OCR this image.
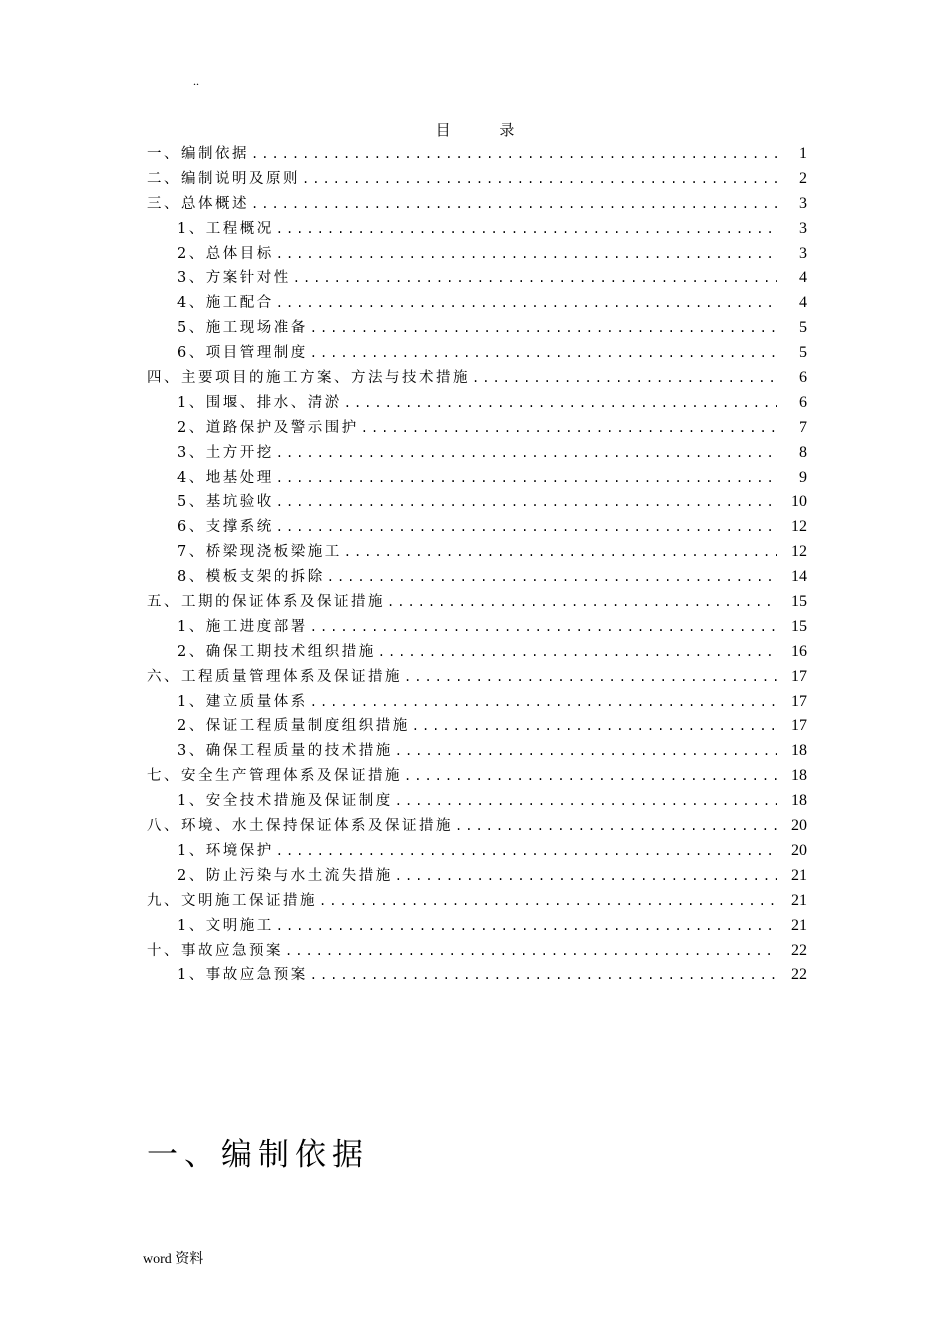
..
目 录
一、编制依据 .....	1
二、编制说明及原则 .....	2
三、总体概述 .....	3
1、工程概况 .....	3
2、总体目标 .....	3
3、方案针对性 .....	4
4、施工配合 .....	4
5、施工现场准备 .....	5
6、项目管理制度 .....	5
四、主要项目的施工方案、方法与技术措施 .....	6
1、围堰、排水、清淤 .....	6
2、道路保护及警示围护 .....	7
3、土方开挖 .....	8
4、地基处理 .....	9
5、基坑验收 .....	10
6、支撑系统 .....	12
7、桥梁现浇板梁施工 .....	12
8、模板支架的拆除 .....	14
五、工期的保证体系及保证措施 .....	15
1、施工进度部署 .....	15
2、确保工期技术组织措施 .....	16
六、工程质量管理体系及保证措施 .....	17
1、建立质量体系 .....	17
2、保证工程质量制度组织措施 .....	17
3、确保工程质量的技术措施 .....	18
七、安全生产管理体系及保证措施 .....	18
1、安全技术措施及保证制度 .....	18
八、环境、水土保持保证体系及保证措施 .....	20
1、环境保护 .....	20
2、防止污染与水土流失措施 .....	21
九、文明施工保证措施 .....	21
1、文明施工 .....	21
十、事故应急预案 .....	22
1、事故应急预案 .....	22
一、编制依据
word 资料
